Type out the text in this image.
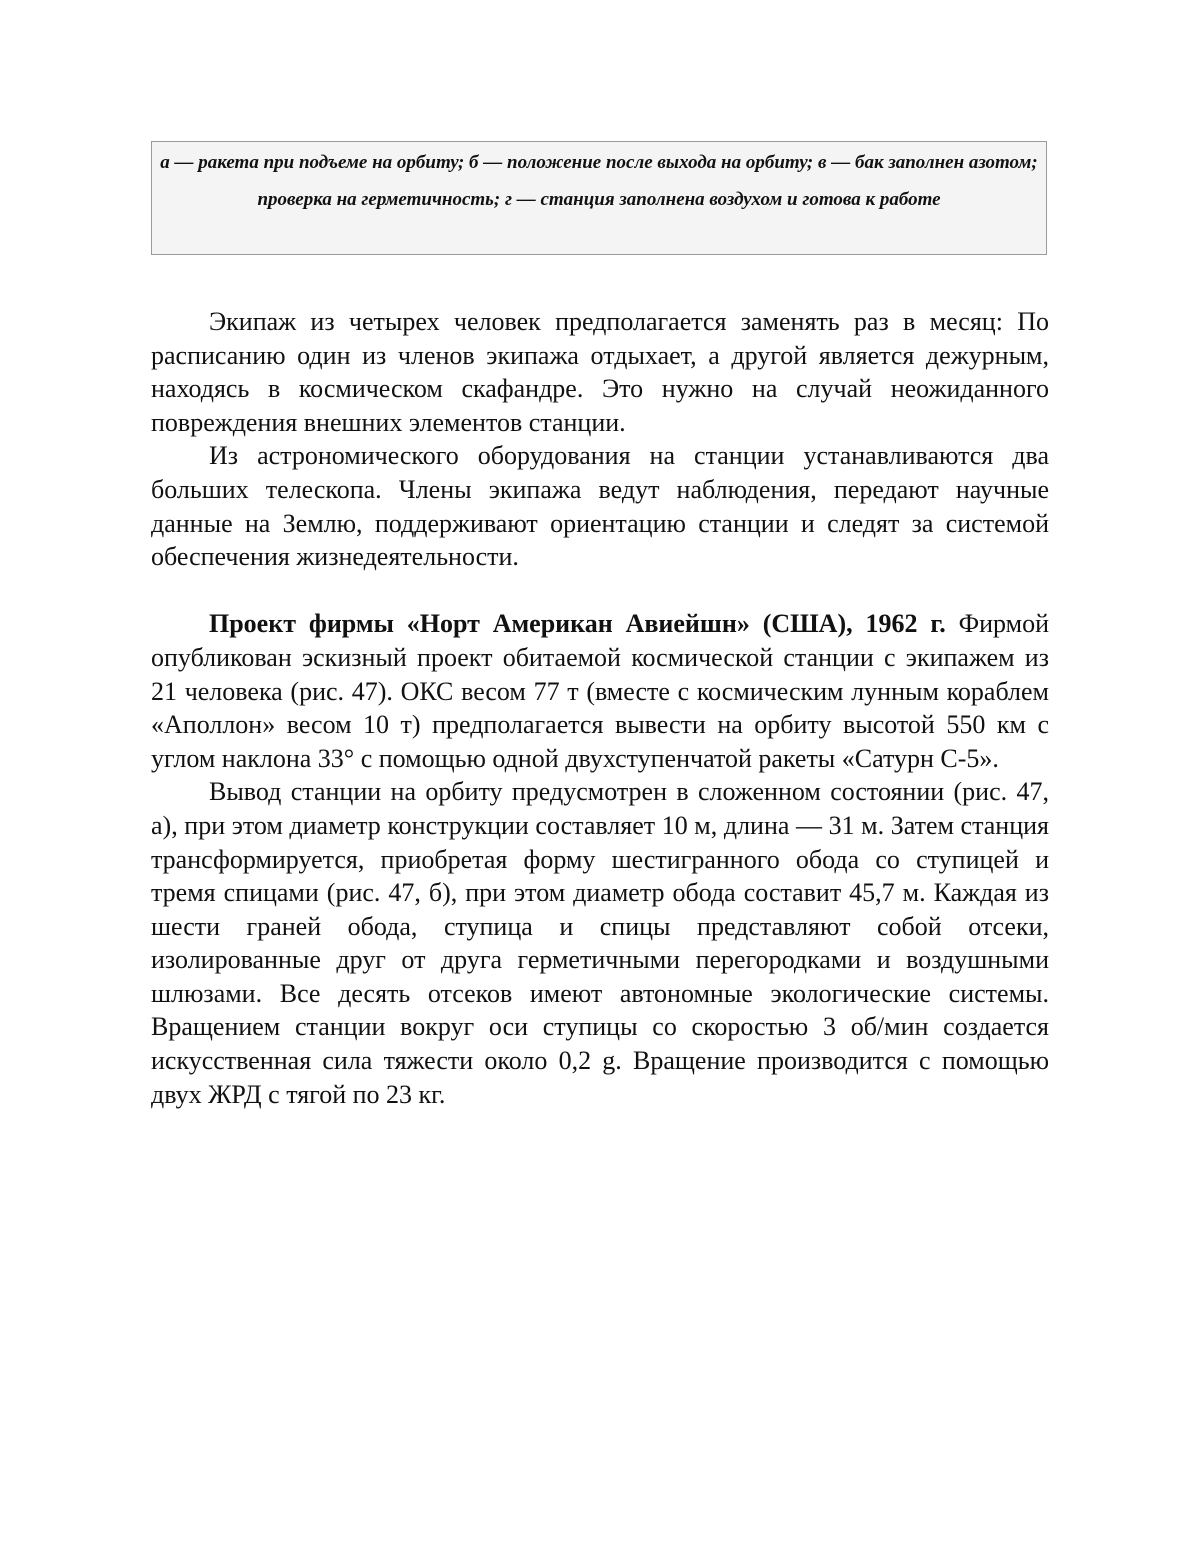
а — ракета при подъеме на орбиту; б — положение после выхода на орбиту; в — бак заполнен азотом; проверка на герметичность; г — станция заполнена воздухом и готова к работе

Экипаж из четырех человек предполагается заменять раз в месяц: По расписанию один из членов экипажа отдыхает, а другой является дежурным, находясь в космическом скафандре. Это нужно на случай неожиданного повреждения внешних элементов станции.

Из астрономического оборудования на станции устанавливаются два больших телескопа. Члены экипажа ведут наблюдения, передают научные данные на Землю, поддерживают ориентацию станции и следят за системой обеспечения жизнедеятельности.

Проект фирмы «Норт Американ Авиейшн» (США), 1962 г. Фирмой опубликован эскизный проект обитаемой космической станции с экипажем из 21 человека (рис. 47). ОКС весом 77 т (вместе с космическим лунным кораблем «Аполлон» весом 10 т) предполагается вывести на орбиту высотой 550 км с углом наклона 33° с помощью одной двухступенчатой ракеты «Сатурн С-5».

Вывод станции на орбиту предусмотрен в сложенном состоянии (рис. 47, а), при этом диаметр конструкции составляет 10 м, длина — 31 м. Затем станция трансформируется, приобретая форму шестигранного обода со ступицей и тремя спицами (рис. 47, б), при этом диаметр обода составит 45,7 м. Каждая из шести граней обода, ступица и спицы представляют собой отсеки, изолированные друг от друга герметичными перегородками и воздушными шлюзами. Все десять отсеков имеют автономные экологические системы. Вращением станции вокруг оси ступицы со скоростью 3 об/мин создается искусственная сила тяжести около 0,2 g. Вращение производится с помощью двух ЖРД с тягой по 23 кг.
